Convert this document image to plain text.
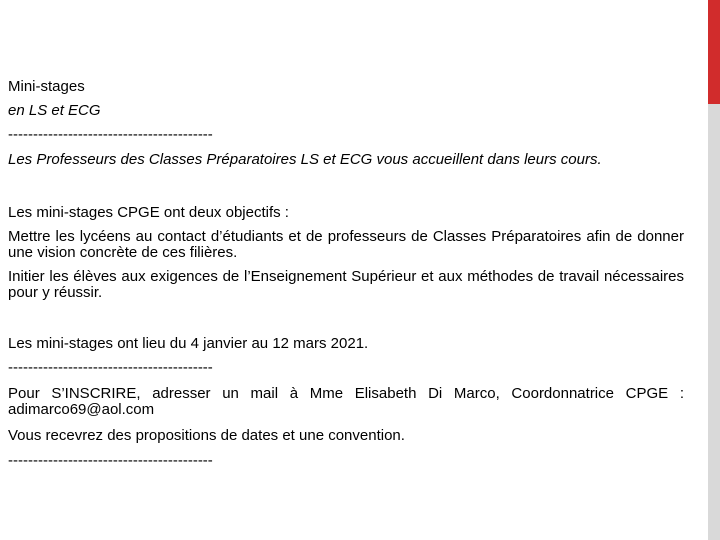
Mini-stages
en LS et ECG
-----------------------------------------
Les Professeurs des Classes Préparatoires LS et ECG vous accueillent dans leurs cours.
Les mini-stages CPGE ont deux objectifs :
Mettre les lycéens au contact d’étudiants et de professeurs de Classes Préparatoires afin de donner une vision concrète de ces filières.
Initier les élèves aux exigences de l’Enseignement Supérieur et aux méthodes de travail nécessaires pour y réussir.
Les mini-stages ont lieu du 4 janvier au 12 mars 2021.
-----------------------------------------
Pour S’INSCRIRE, adresser un mail à Mme Elisabeth Di Marco, Coordonnatrice CPGE : adimarco69@aol.com
Vous recevrez des propositions de dates et une convention.
-----------------------------------------
